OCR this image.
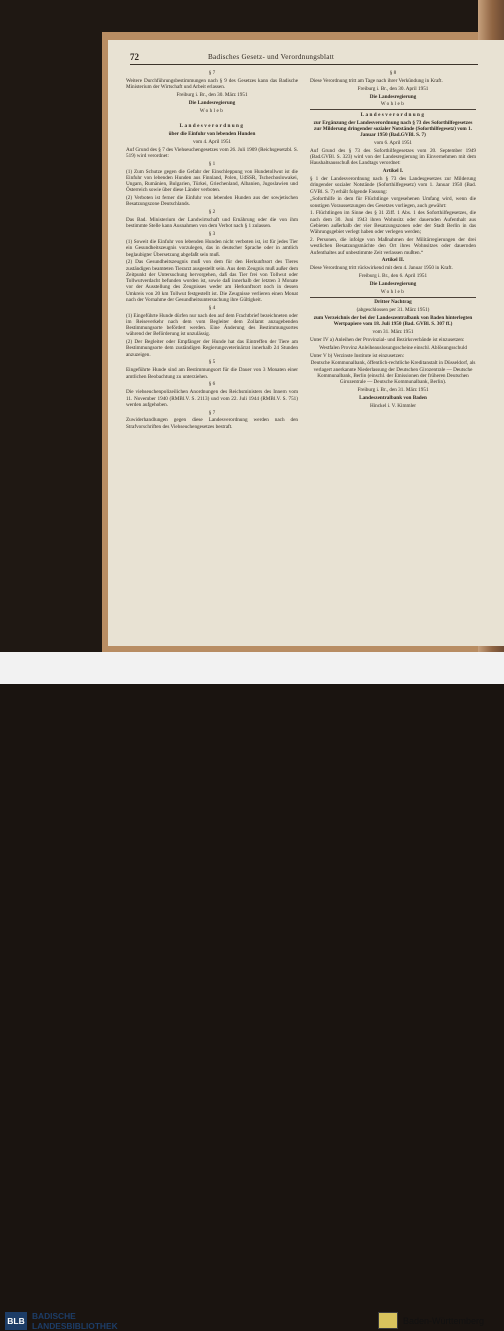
72	Badisches Gesetz- und Verordnungsblatt

§ 7

Weitere Durchführungsbestimmungen nach § 9 des Gesetzes kann das Badische Ministerium der Wirtschaft und Arbeit erlassen.

Freiburg i. Br., den 30. März 1951

Die Landesregierung

Wohleb

Landesverordnung

über die Einfuhr von lebenden Hunden

vom 4. April 1951

Auf Grund des § 7 des Viehseuchengesetzes vom 26. Juli 1909 (Reichsgesetzbl. S. 519) wird verordnet:

§ 1

(1) Zum Schutze gegen die Gefahr der Einschleppung von Hundetollwut ist die Einfuhr von lebenden Hunden aus Finnland, Polen, UdSSR, Tschechoslowakei, Ungarn, Rumänien, Bulgarien, Türkei, Griechenland, Albanien, Jugoslawien und Österreich sowie über diese Länder verboten.

(2) Verboten ist ferner die Einfuhr von lebenden Hunden aus der sowjetischen Besatzungszone Deutschlands.

§ 2

Das Bad. Ministerium der Landwirtschaft und Ernährung oder die von ihm bestimmte Stelle kann Ausnahmen von dem Verbot nach § 1 zulassen.

§ 3

(1) Soweit die Einfuhr von lebenden Hunden nicht verboten ist, ist für jedes Tier ein Gesundheitszeugnis vorzulegen, das in deutscher Sprache oder in amtlich beglaubigter Übersetzung abgefaßt sein muß.

(2) Das Gesundheitszeugnis muß von dem für den Herkunftsort des Tieres zuständigen beamteten Tierarzt ausgestellt sein. Aus dem Zeugnis muß außer dem Zeitpunkt der Untersuchung hervorgehen, daß das Tier frei von Tollwut oder Tollwutverdacht befunden worden ist, sowie daß innerhalb der letzten 3 Monate vor der Ausstellung des Zeugnisses weder am Herkunftsort noch in dessen Umkreis von 20 km Tollwut festgestellt ist. Die Zeugnisse verlieren einen Monat nach der Vornahme der Gesundheitsuntersuchung ihre Gültigkeit.

§ 4

(1) Eingeführte Hunde dürfen nur nach den auf dem Frachtbrief bezeichneten oder im Reiseverkehr nach dem vom Begleiter dem Zollamt anzugebenden Bestimmungsorte befördert werden. Eine Änderung des Bestimmungsortes während der Beförderung ist unzulässig.

(2) Der Begleiter oder Empfänger der Hunde hat das Eintreffen der Tiere am Bestimmungsorte dem zuständigen Regierungsveterinärrat innerhalb 24 Stunden anzuzeigen.

§ 5

Eingeführte Hunde sind am Bestimmungsort für die Dauer von 3 Monaten einer amtlichen Beobachtung zu unterziehen.

§ 6

Die viehseuchenpolizeilichen Anordnungen des Reichsministers des Innern vom 11. November 1940 (RMBl.V. S. 2113) und vom 22. Juli 1944 (RMBl.V. S. 751) werden aufgehoben.

§ 7

Zuwiderhandlungen gegen diese Landesverordnung werden nach den Strafvorschriften des Viehseuchengesetzes bestraft.

§ 8

Diese Verordnung tritt am Tage nach ihrer Verkündung in Kraft.

Freiburg i. Br., den 30. April 1951

Die Landesregierung

Wohleb

Landesverordnung

zur Ergänzung der Landesverordnung nach § 73 des Soforthilfegesetzes zur Milderung dringender sozialer Notstände (Soforthilfegesetz) vom 1. Januar 1950 (Bad.GVBl. S. 7)

vom 6. April 1951

Auf Grund des § 73 des Soforthilfegesetzes vom 20. September 1949 (Bad.GVBl. S. 323) wird von der Landesregierung im Einvernehmen mit dem Haushaltsausschuß des Landtags verordnet:

Artikel I.

§ 1 der Landesverordnung nach § 73 des Landesgesetzes zur Milderung dringender sozialer Notstände (Soforthilfegesetz) vom 1. Januar 1950 (Bad. GVBl. S. 7) erhält folgende Fassung:

„Soforthilfe in dem für Flüchtlinge vorgesehenen Umfang wird, wenn die sonstigen Voraussetzungen des Gesetzes vorliegen, auch gewährt:

1. Flüchtlingen im Sinne des § 31 Ziff. 1 Abs. 1 des Soforthilfegesetzes, die nach dem 30. Juni 1943 ihren Wohnsitz oder dauernden Aufenthalt aus Gebieten außerhalb der vier Besatzungszonen oder der Stadt Berlin in das Währungsgebiet verlegt haben oder verlegen werden;

2. Personen, die infolge von Maßnahmen der Militärregierungen der drei westlichen Besatzungsmächte den Ort ihres Wohnsitzes oder dauernden Aufenthaltes auf unbestimmte Zeit verlassen mußten.“

Artikel II.

Diese Verordnung tritt rückwirkend mit dem 4. Januar 1950 in Kraft.

Freiburg i. Br., den 6. April 1951

Die Landesregierung

Wohleb

Dritter Nachtrag

(abgeschlossen per 31. März 1951)

zum Verzeichnis der bei der Landeszentralbank von Baden hinterlegten Wertpapiere vom 18. Juli 1950 (Bad. GVBl. S. 307 ff.)

vom 31. März 1951

Unter IV a) Anleihen der Provinzial- und Bezirksverbände ist einzusetzen:

Westfalen Provinz Anleiheauslosungsscheine einschl. Ablösungsschuld

Unter V b) Verzinste Institute ist einzusetzen:

Deutsche Kommunalbank, öffentlich-rechtliche Kreditanstalt in Düsseldorf, als verlagert anerkannte Niederlassung der Deutschen Girozentrale — Deutsche Kommunalbank, Berlin (einschl. der Emissionen der früheren Deutschen Girozentrale — Deutsche Kommunalbank, Berlin).

Freiburg i. Br., den 31. März 1951

Landeszentralbank von Baden

Hinckel i. V. Kimmler

BLB BADISCHE
LANDESBIBLIOTHEK	Baden-Württemberg
